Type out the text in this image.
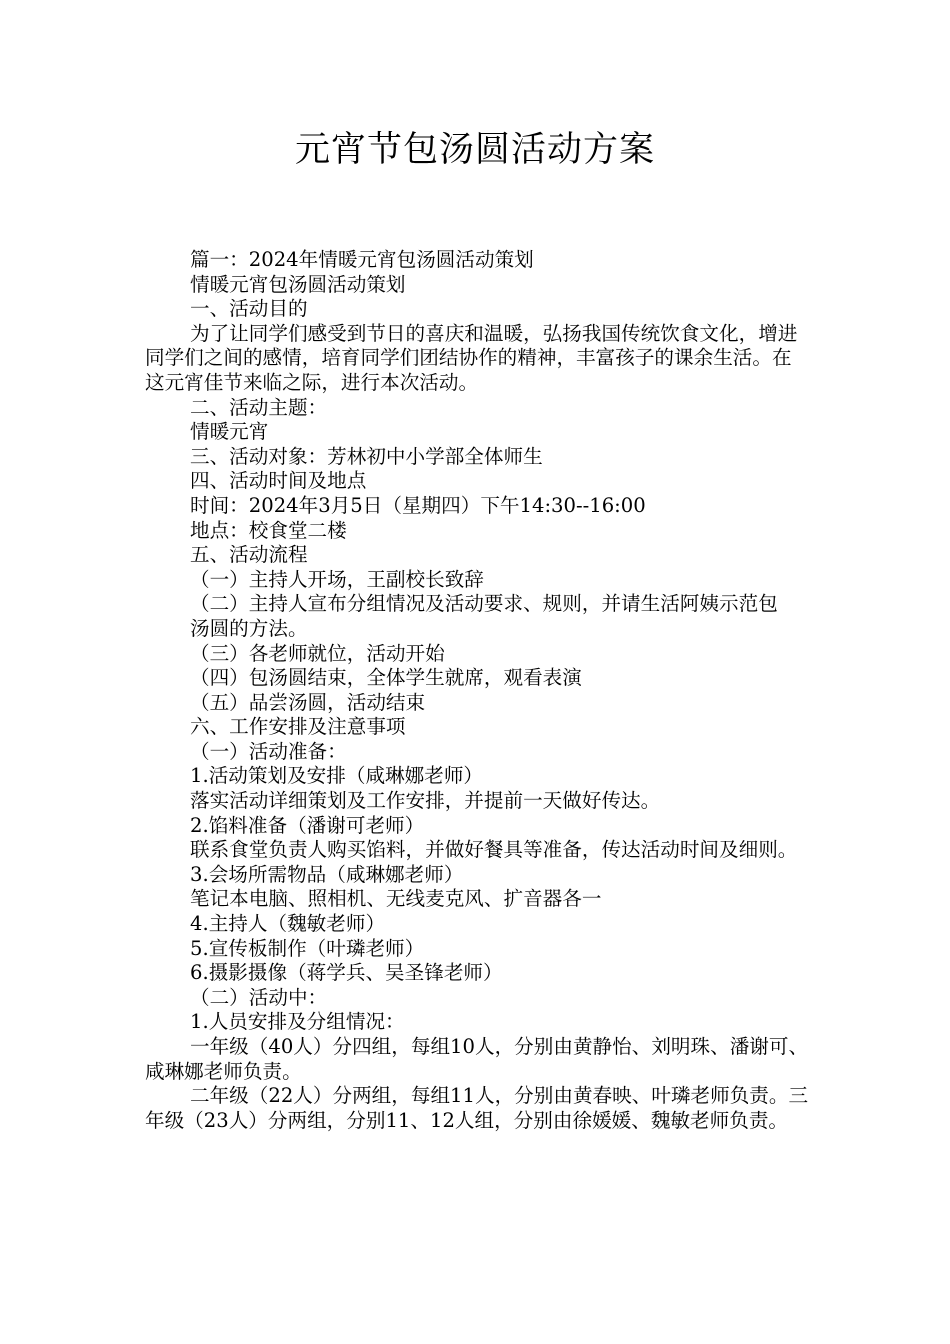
元宵节包汤圆活动方案

篇一：2024年情暖元宵包汤圆活动策划

情暖元宵包汤圆活动策划

一、活动目的

为了让同学们感受到节日的喜庆和温暖，弘扬我国传统饮食文化，增进同学们之间的感情，培育同学们团结协作的精神，丰富孩子的课余生活。在这元宵佳节来临之际，进行本次活动。

二、活动主题：

情暖元宵

三、活动对象：芳林初中小学部全体师生

四、活动时间及地点

时间：2024年3月5日（星期四）下午14:30--16:00

地点：校食堂二楼

五、活动流程

（一）主持人开场，王副校长致辞

（二）主持人宣布分组情况及活动要求、规则，并请生活阿姨示范包

汤圆的方法。

（三）各老师就位，活动开始

（四）包汤圆结束，全体学生就席，观看表演

（五）品尝汤圆，活动结束

六、工作安排及注意事项

（一）活动准备：

1.活动策划及安排（咸琳娜老师）

落实活动详细策划及工作安排，并提前一天做好传达。

2.馅料准备（潘谢可老师）

联系食堂负责人购买馅料，并做好餐具等准备，传达活动时间及细则。

3.会场所需物品（咸琳娜老师）

笔记本电脑、照相机、无线麦克风、扩音器各一

4.主持人（魏敏老师）

5.宣传板制作（叶璘老师）

6.摄影摄像（蒋学兵、吴圣锋老师）

（二）活动中：

1.人员安排及分组情况：

一年级（40人）分四组，每组10人，分别由黄静怡、刘明珠、潘谢可、咸琳娜老师负责。

二年级（22人）分两组，每组11人，分别由黄春映、叶璘老师负责。三年级（23人）分两组，分别11、12人组，分别由徐媛媛、魏敏老师负责。
